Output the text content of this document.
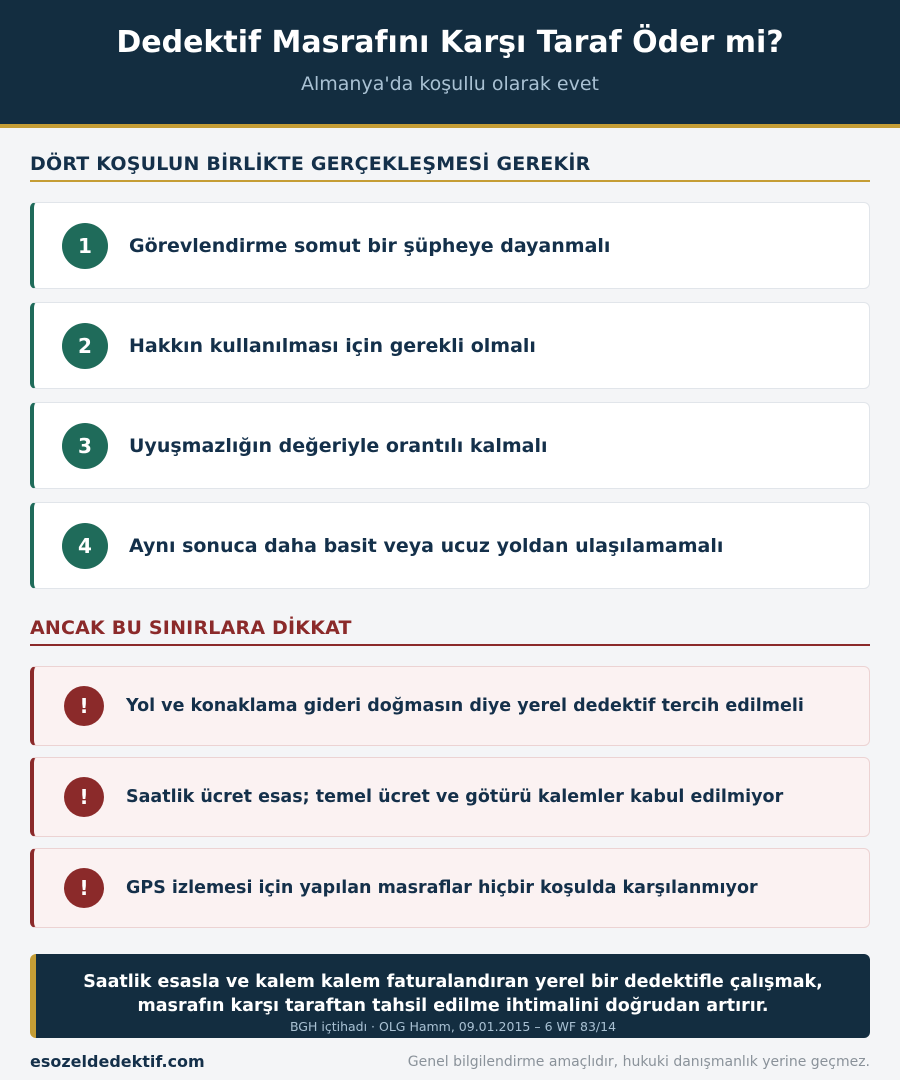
Dedektif Masrafını Karşı Taraf Öder mi?
Almanya'da koşullu olarak evet
DÖRT KOŞULUN BİRLİKTE GERÇEKLEŞMESİ GEREKİR
1	Görevlendirme somut bir şüpheye dayanmalı
2	Hakkın kullanılması için gerekli olmalı
3	Uyuşmazlığın değeriyle orantılı kalmalı
4	Aynı sonuca daha basit veya ucuz yoldan ulaşılamamalı
ANCAK BU SINIRLARA DİKKAT
!	Yol ve konaklama gideri doğmasın diye yerel dedektif tercih edilmeli
!	Saatlik ücret esas; temel ücret ve götürü kalemler kabul edilmiyor
!	GPS izlemesi için yapılan masraflar hiçbir koşulda karşılanmıyor
Saatlik esasla ve kalem kalem faturalandıran yerel bir dedektifle çalışmak,
masrafın karşı taraftan tahsil edilme ihtimalini doğrudan artırır.
BGH içtihadı · OLG Hamm, 09.01.2015 – 6 WF 83/14
esozeldedektif.com	Genel bilgilendirme amaçlıdır, hukuki danışmanlık yerine geçmez.
